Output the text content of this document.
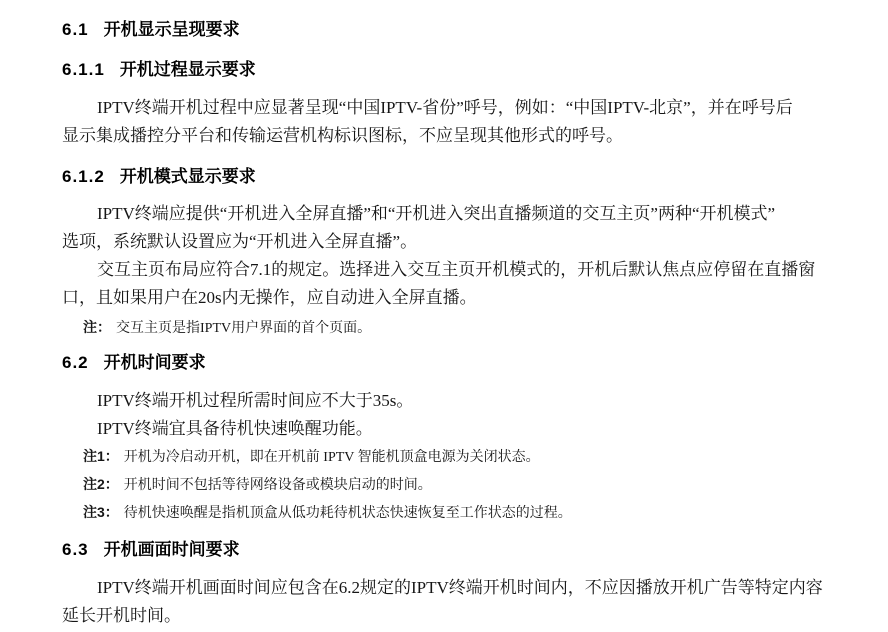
6.1 开机显示呈现要求
6.1.1 开机过程显示要求
IPTV终端开机过程中应显著呈现“中国IPTV-省份”呼号，例如：“中国IPTV-北京”，并在呼号后
显示集成播控分平台和传输运营机构标识图标，不应呈现其他形式的呼号。
6.1.2 开机模式显示要求
IPTV终端应提供“开机进入全屏直播”和“开机进入突出直播频道的交互主页”两种“开机模式”
选项，系统默认设置应为“开机进入全屏直播”。
交互主页布局应符合7.1的规定。选择进入交互主页开机模式的，开机后默认焦点应停留在直播窗
口，且如果用户在20s内无操作，应自动进入全屏直播。
注： 交互主页是指IPTV用户界面的首个页面。
6.2 开机时间要求
IPTV终端开机过程所需时间应不大于35s。
IPTV终端宜具备待机快速唤醒功能。
注1： 开机为冷启动开机，即在开机前 IPTV 智能机顶盒电源为关闭状态。
注2： 开机时间不包括等待网络设备或模块启动的时间。
注3： 待机快速唤醒是指机顶盒从低功耗待机状态快速恢复至工作状态的过程。
6.3 开机画面时间要求
IPTV终端开机画面时间应包含在6.2规定的IPTV终端开机时间内，不应因播放开机广告等特定内容
延长开机时间。
